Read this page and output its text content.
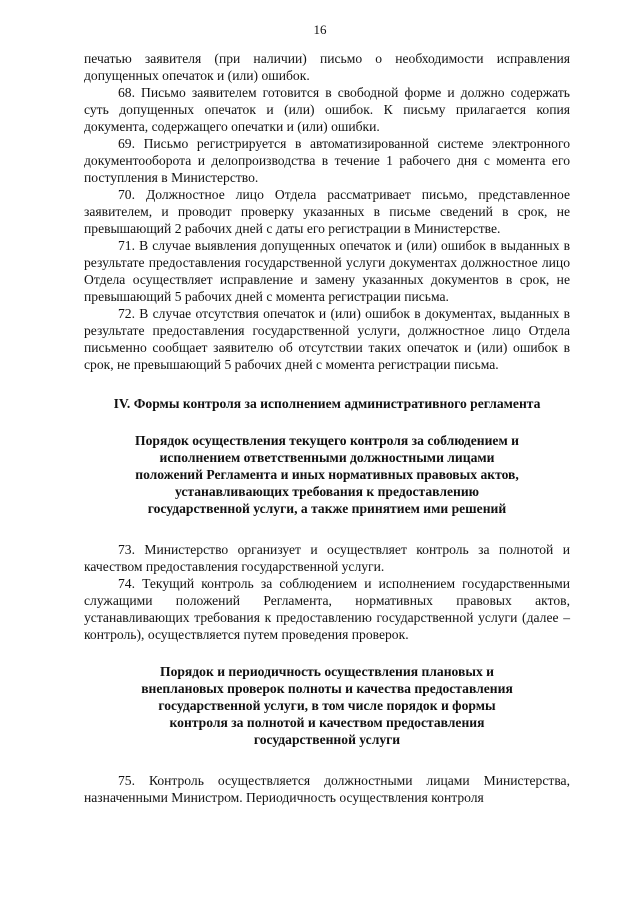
16

печатью заявителя (при наличии) письмо о необходимости исправления допущенных опечаток и (или) ошибок.

68. Письмо заявителем готовится в свободной форме и должно содержать суть допущенных опечаток и (или) ошибок. К письму прилагается копия документа, содержащего опечатки и (или) ошибки.

69. Письмо регистрируется в автоматизированной системе электронного документооборота и делопроизводства в течение 1 рабочего дня с момента его поступления в Министерство.

70. Должностное лицо Отдела рассматривает письмо, представленное заявителем, и проводит проверку указанных в письме сведений в срок, не превышающий 2 рабочих дней с даты его регистрации в Министерстве.

71. В случае выявления допущенных опечаток и (или) ошибок в выданных в результате предоставления государственной услуги документах должностное лицо Отдела осуществляет исправление и замену указанных документов в срок, не превышающий 5 рабочих дней с момента регистрации письма.

72. В случае отсутствия опечаток и (или) ошибок в документах, выданных в результате предоставления государственной услуги, должностное лицо Отдела письменно сообщает заявителю об отсутствии таких опечаток и (или) ошибок в срок, не превышающий 5 рабочих дней с момента регистрации письма.

IV. Формы контроля за исполнением административного регламента

Порядок осуществления текущего контроля за соблюдением и исполнением ответственными должностными лицами положений Регламента и иных нормативных правовых актов, устанавливающих требования к предоставлению государственной услуги, а также принятием ими решений

73. Министерство организует и осуществляет контроль за полнотой и качеством предоставления государственной услуги.

74. Текущий контроль за соблюдением и исполнением государственными служащими положений Регламента, нормативных правовых актов, устанавливающих требования к предоставлению государственной услуги (далее – контроль), осуществляется путем проведения проверок.

Порядок и периодичность осуществления плановых и внеплановых проверок полноты и качества предоставления государственной услуги, в том числе порядок и формы контроля за полнотой и качеством предоставления государственной услуги

75. Контроль осуществляется должностными лицами Министерства, назначенными Министром. Периодичность осуществления контроля
